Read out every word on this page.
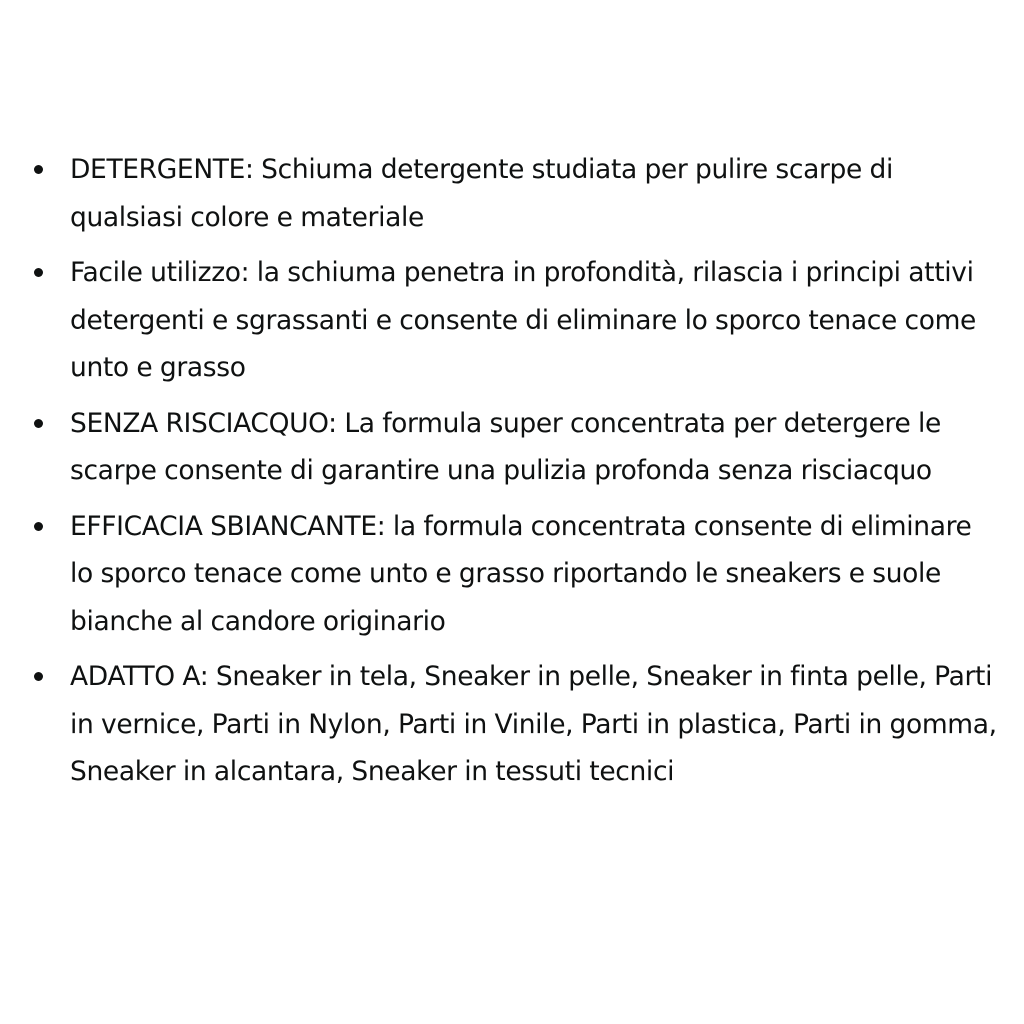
DETERGENTE: Schiuma detergente studiata per pulire scarpe di qualsiasi colore e materiale
Facile utilizzo: la schiuma penetra in profondità, rilascia i principi attivi detergenti e sgrassanti e consente di eliminare lo sporco tenace come unto e grasso
SENZA RISCIACQUO: La formula super concentrata per detergere le scarpe consente di garantire una pulizia profonda senza risciacquo
EFFICACIA SBIANCANTE: la formula concentrata consente di eliminare lo sporco tenace come unto e grasso riportando le sneakers e suole bianche al candore originario
ADATTO A: Sneaker in tela, Sneaker in pelle, Sneaker in finta pelle, Parti in vernice, Parti in Nylon, Parti in Vinile, Parti in plastica, Parti in gomma, Sneaker in alcantara, Sneaker in tessuti tecnici
